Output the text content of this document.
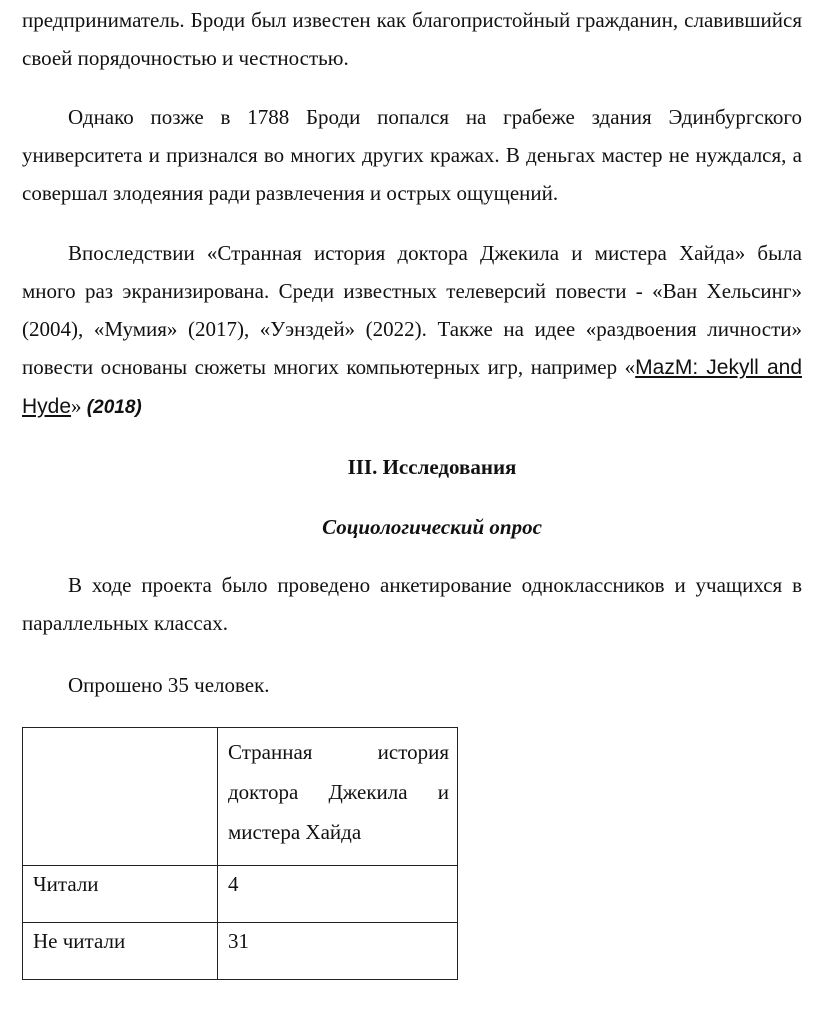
предприниматель. Броди был известен как благопристойный гражданин, славившийся своей порядочностью и честностью.

Однако позже в 1788 Броди попался на грабеже здания Эдинбургского университета и признался во многих других кражах. В деньгах мастер не нуждался, а совершал злодеяния ради развлечения и острых ощущений.

Впоследствии «Странная история доктора Джекила и мистера Хайда» была много раз экранизирована. Среди известных телеверсий повести - «Ван Хельсинг» (2004), «Мумия» (2017), «Уэнздей» (2022). Также на идее «раздвоения личности» повести основаны сюжеты многих компьютерных игр, например «MazM: Jekyll and Hyde» (2018)

III. Исследования
Социологический опрос

В ходе проекта было проведено анкетирование одноклассников и учащихся в параллельных классах.

Опрошено 35 человек.

	Странная история доктора Джекила и мистера Хайда

Читали	4

Не читали	31
